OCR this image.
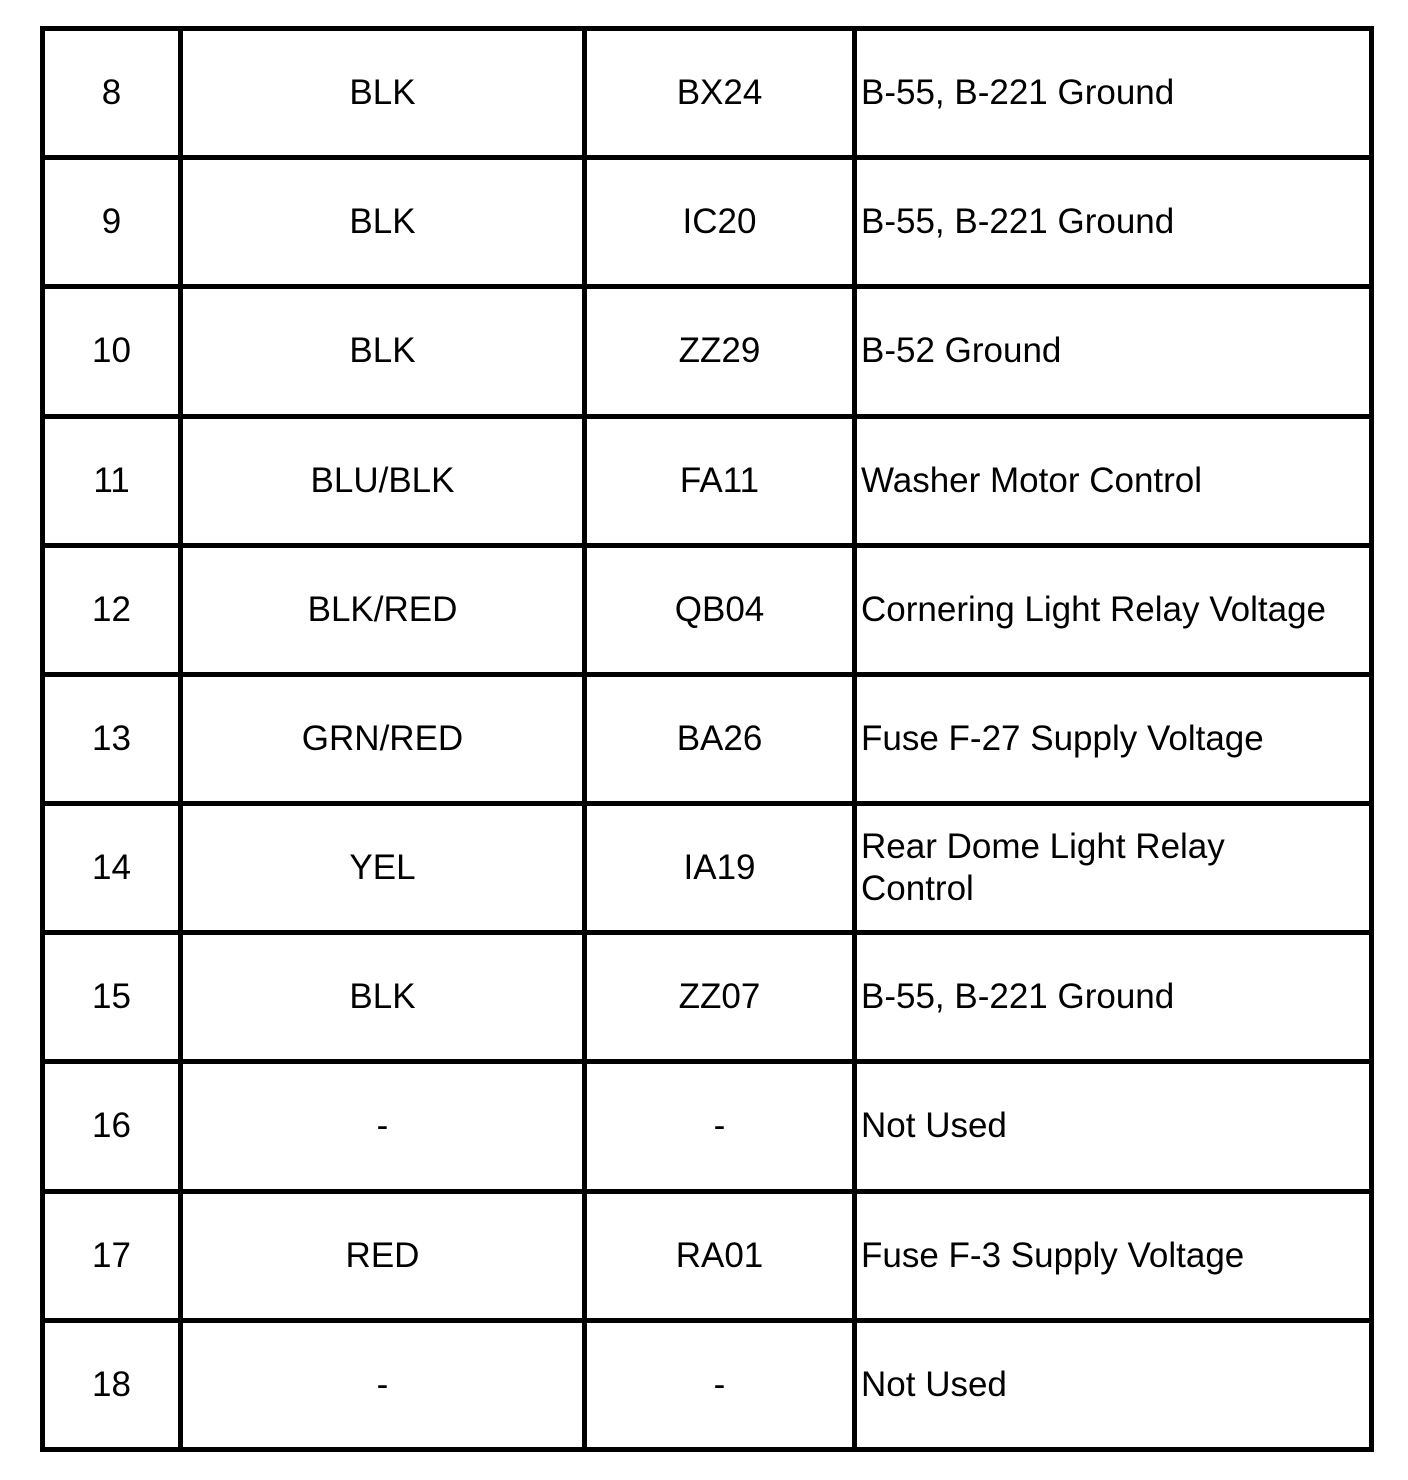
8	BLK	BX24	B-55, B-221 Ground
9	BLK	IC20	B-55, B-221 Ground
10	BLK	ZZ29	B-52 Ground
11	BLU/BLK	FA11	Washer Motor Control
12	BLK/RED	QB04	Cornering Light Relay Voltage
13	GRN/RED	BA26	Fuse F-27 Supply Voltage
14	YEL	IA19	Rear Dome Light Relay Control
15	BLK	ZZ07	B-55, B-221 Ground
16	-	-	Not Used
17	RED	RA01	Fuse F-3 Supply Voltage
18	-	-	Not Used
